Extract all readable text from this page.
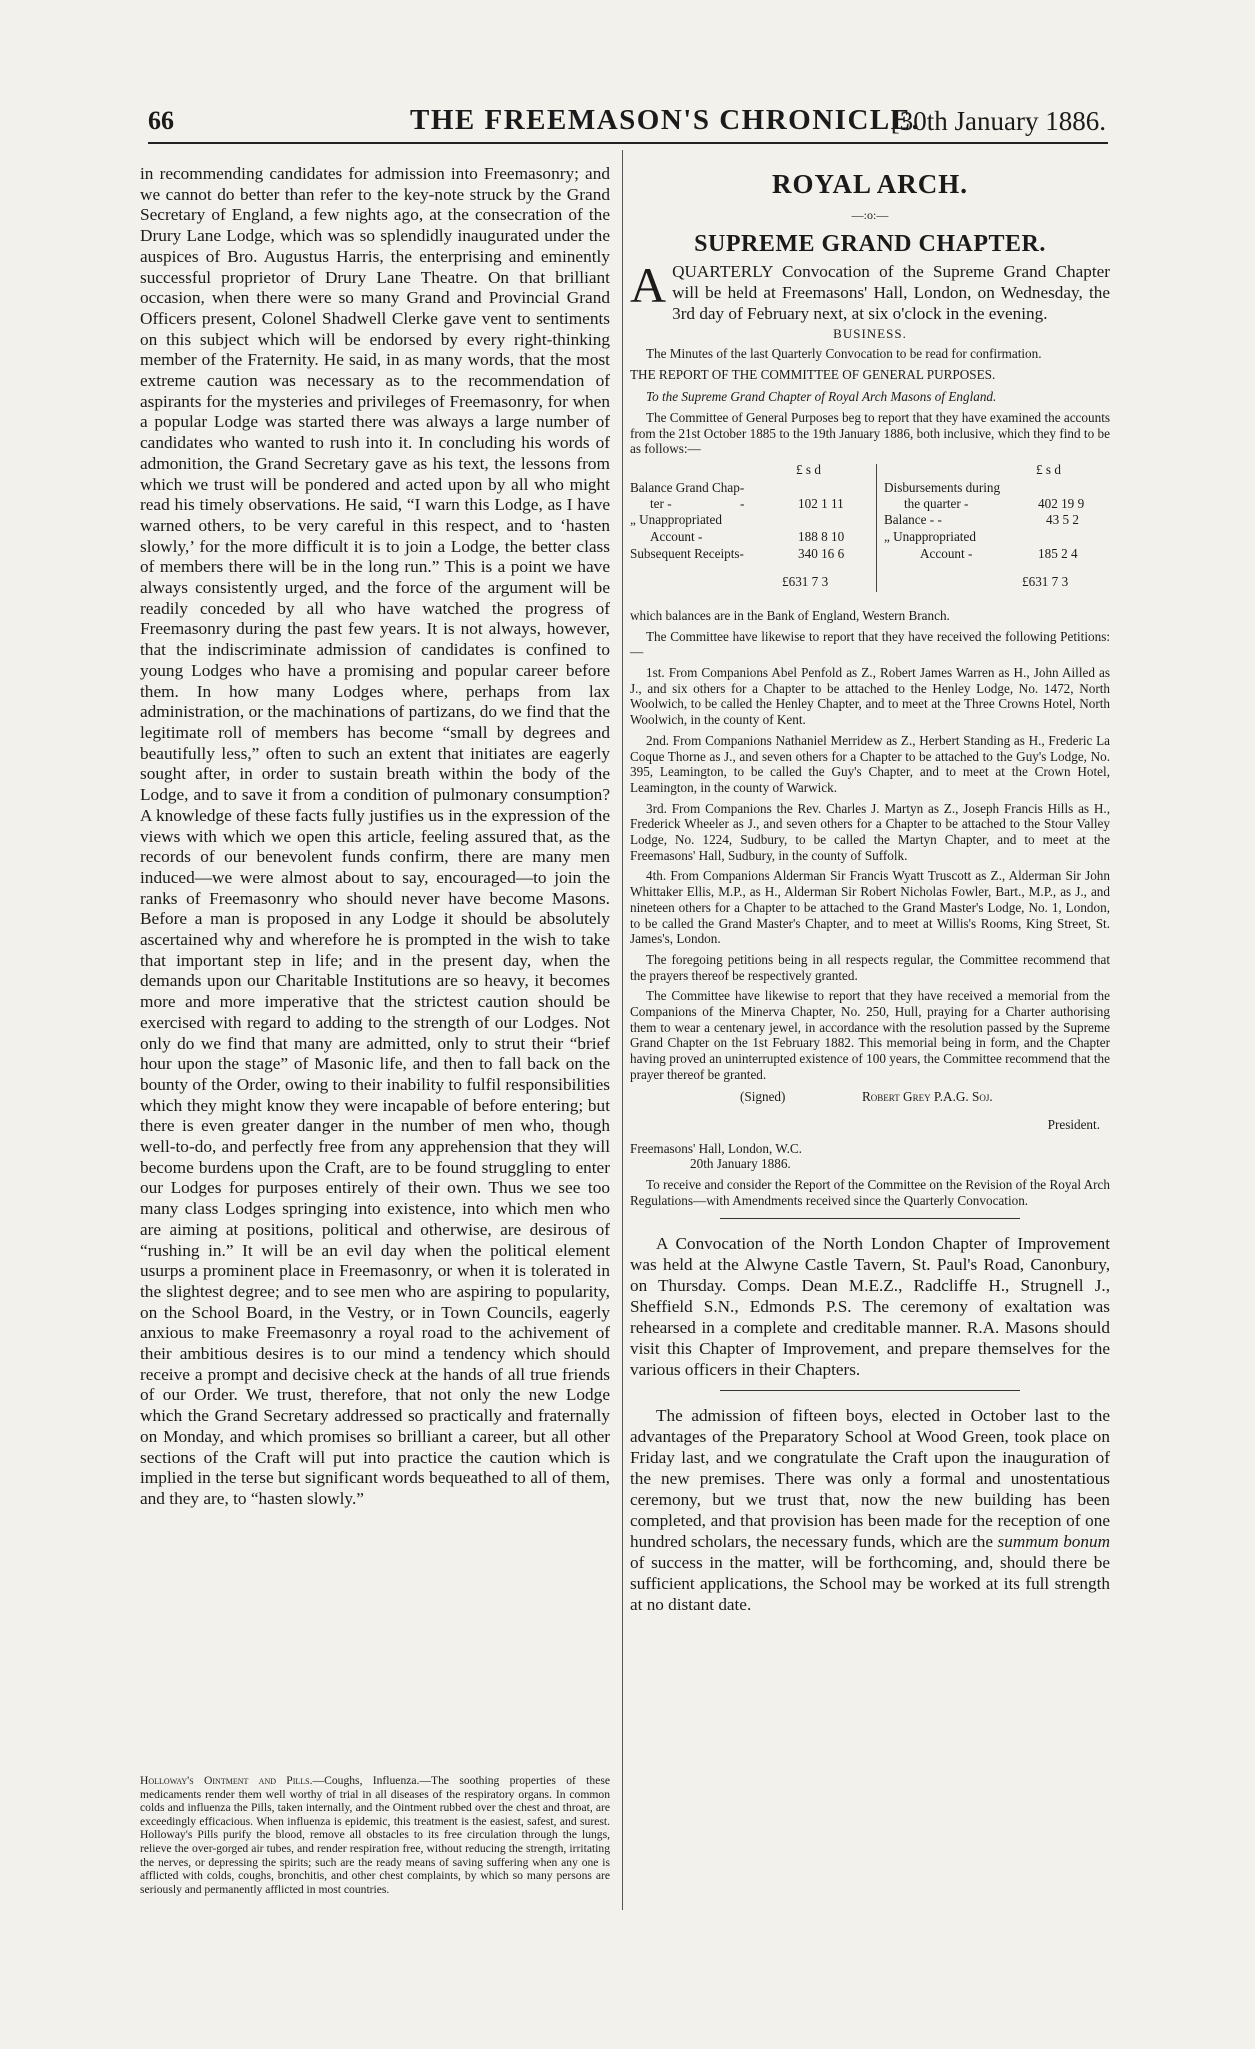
66	THE FREEMASON'S CHRONICLE.
[30th January 1886.

in recommending candidates for admission into Freemasonry; and we cannot do better than refer to the key-note struck by the Grand Secretary of England, a few nights ago, at the consecration of the Drury Lane Lodge, which was so splendidly inaugurated under the auspices of Bro. Augustus Harris, the enterprising and eminently successful proprietor of Drury Lane Theatre. On that brilliant occasion, when there were so many Grand and Provincial Grand Officers present, Colonel Shadwell Clerke gave vent to sentiments on this subject which will be endorsed by every right-thinking member of the Fraternity. He said, in as many words, that the most extreme caution was necessary as to the recommendation of aspirants for the mysteries and privileges of Freemasonry, for when a popular Lodge was started there was always a large number of candidates who wanted to rush into it. In concluding his words of admonition, the Grand Secretary gave as his text, the lessons from which we trust will be pondered and acted upon by all who might read his timely observations. He said, “I warn this Lodge, as I have warned others, to be very careful in this respect, and to ‘hasten slowly,’ for the more difficult it is to join a Lodge, the better class of members there will be in the long run.” This is a point we have always consistently urged, and the force of the argument will be readily conceded by all who have watched the progress of Freemasonry during the past few years. It is not always, however, that the indiscriminate admission of candidates is confined to young Lodges who have a promising and popular career before them. In how many Lodges where, perhaps from lax administration, or the machinations of partizans, do we find that the legitimate roll of members has become “small by degrees and beautifully less,” often to such an extent that initiates are eagerly sought after, in order to sustain breath within the body of the Lodge, and to save it from a condition of pulmonary consumption? A knowledge of these facts fully justifies us in the expression of the views with which we open this article, feeling assured that, as the records of our benevolent funds confirm, there are many men induced—we were almost about to say, encouraged—to join the ranks of Freemasonry who should never have become Masons. Before a man is proposed in any Lodge it should be absolutely ascertained why and wherefore he is prompted in the wish to take that important step in life; and in the present day, when the demands upon our Charitable Institutions are so heavy, it becomes more and more imperative that the strictest caution should be exercised with regard to adding to the strength of our Lodges. Not only do we find that many are admitted, only to strut their “brief hour upon the stage” of Masonic life, and then to fall back on the bounty of the Order, owing to their inability to fulfil responsibilities which they might know they were incapable of before entering; but there is even greater danger in the number of men who, though well-to-do, and perfectly free from any apprehension that they will become burdens upon the Craft, are to be found struggling to enter our Lodges for purposes entirely of their own. Thus we see too many class Lodges springing into existence, into which men who are aiming at positions, political and otherwise, are desirous of “rushing in.” It will be an evil day when the political element usurps a prominent place in Freemasonry, or when it is tolerated in the slightest degree; and to see men who are aspiring to popularity, on the School Board, in the Vestry, or in Town Councils, eagerly anxious to make Freemasonry a royal road to the achivement of their ambitious desires is to our mind a tendency which should receive a prompt and decisive check at the hands of all true friends of our Order. We trust, therefore, that not only the new Lodge which the Grand Secretary addressed so practically and fraternally on Monday, and which promises so brilliant a career, but all other sections of the Craft will put into practice the caution which is implied in the terse but significant words bequeathed to all of them, and they are, to “hasten slowly.”

Holloway's Ointment and Pills.—Coughs, Influenza.—The soothing properties of these medicaments render them well worthy of trial in all diseases of the respiratory organs. In common colds and influenza the Pills, taken internally, and the Ointment rubbed over the chest and throat, are exceedingly efficacious. When influenza is epidemic, this treatment is the easiest, safest, and surest. Holloway's Pills purify the blood, remove all obstacles to its free circulation through the lungs, relieve the over-gorged air tubes, and render respiration free, without reducing the strength, irritating the nerves, or depressing the spirits; such are the ready means of saving suffering when any one is afflicted with colds, coughs, bronchitis, and other chest complaints, by which so many persons are seriously and permanently afflicted in most countries.

ROYAL ARCH.
—:o:—
SUPREME GRAND CHAPTER.

AQUARTERLY Convocation of the Supreme Grand Chapter will be held at Freemasons' Hall, London, on Wednesday, the 3rd day of February next, at six o'clock in the evening.

BUSINESS.

The Minutes of the last Quarterly Convocation to be read for confirmation.

THE REPORT OF THE COMMITTEE OF GENERAL PURPOSES.

To the Supreme Grand Chapter of Royal Arch Masons of England.

The Committee of General Purposes beg to report that they have examined the accounts from the 21st October 1885 to the 19th January 1886, both inclusive, which they find to be as follows:—

£ s d	£ s d
Balance Grand Chap-
ter -	-	102 1 11
„ Unappropriated
Account -	188 8 10
Subsequent Receipts-	340 16 6
£631 7 3
Disbursements during
the quarter -	402 19 9
Balance - -	43 5 2
„ Unappropriated
Account -	185 2 4
£631 7 3

which balances are in the Bank of England, Western Branch.

The Committee have likewise to report that they have received the following Petitions:—

1st. From Companions Abel Penfold as Z., Robert James Warren as H., John Ailled as J., and six others for a Chapter to be attached to the Henley Lodge, No. 1472, North Woolwich, to be called the Henley Chapter, and to meet at the Three Crowns Hotel, North Woolwich, in the county of Kent.

2nd. From Companions Nathaniel Merridew as Z., Herbert Standing as H., Frederic La Coque Thorne as J., and seven others for a Chapter to be attached to the Guy's Lodge, No. 395, Leamington, to be called the Guy's Chapter, and to meet at the Crown Hotel, Leamington, in the county of Warwick.

3rd. From Companions the Rev. Charles J. Martyn as Z., Joseph Francis Hills as H., Frederick Wheeler as J., and seven others for a Chapter to be attached to the Stour Valley Lodge, No. 1224, Sudbury, to be called the Martyn Chapter, and to meet at the Freemasons' Hall, Sudbury, in the county of Suffolk.

4th. From Companions Alderman Sir Francis Wyatt Truscott as Z., Alderman Sir John Whittaker Ellis, M.P., as H., Alderman Sir Robert Nicholas Fowler, Bart., M.P., as J., and nineteen others for a Chapter to be attached to the Grand Master's Lodge, No. 1, London, to be called the Grand Master's Chapter, and to meet at Willis's Rooms, King Street, St. James's, London.

The foregoing petitions being in all respects regular, the Committee recommend that the prayers thereof be respectively granted.

The Committee have likewise to report that they have received a memorial from the Companions of the Minerva Chapter, No. 250, Hull, praying for a Charter authorising them to wear a centenary jewel, in accordance with the resolution passed by the Supreme Grand Chapter on the 1st February 1882. This memorial being in form, and the Chapter having proved an uninterrupted existence of 100 years, the Committee recommend that the prayer thereof be granted.

(Signed)	Robert Grey P.A.G. Soj.
President.

Freemasons' Hall, London, W.C.

20th January 1886.

To receive and consider the Report of the Committee on the Revision of the Royal Arch Regulations—with Amendments received since the Quarterly Convocation.

A Convocation of the North London Chapter of Improvement was held at the Alwyne Castle Tavern, St. Paul's Road, Canonbury, on Thursday. Comps. Dean M.E.Z., Radcliffe H., Strugnell J., Sheffield S.N., Edmonds P.S. The ceremony of exaltation was rehearsed in a complete and creditable manner. R.A. Masons should visit this Chapter of Improvement, and prepare themselves for the various officers in their Chapters.

The admission of fifteen boys, elected in October last to the advantages of the Preparatory School at Wood Green, took place on Friday last, and we congratulate the Craft upon the inauguration of the new premises. There was only a formal and unostentatious ceremony, but we trust that, now the new building has been completed, and that provision has been made for the reception of one hundred scholars, the necessary funds, which are the summum bonum of success in the matter, will be forthcoming, and, should there be sufficient applications, the School may be worked at its full strength at no distant date.
